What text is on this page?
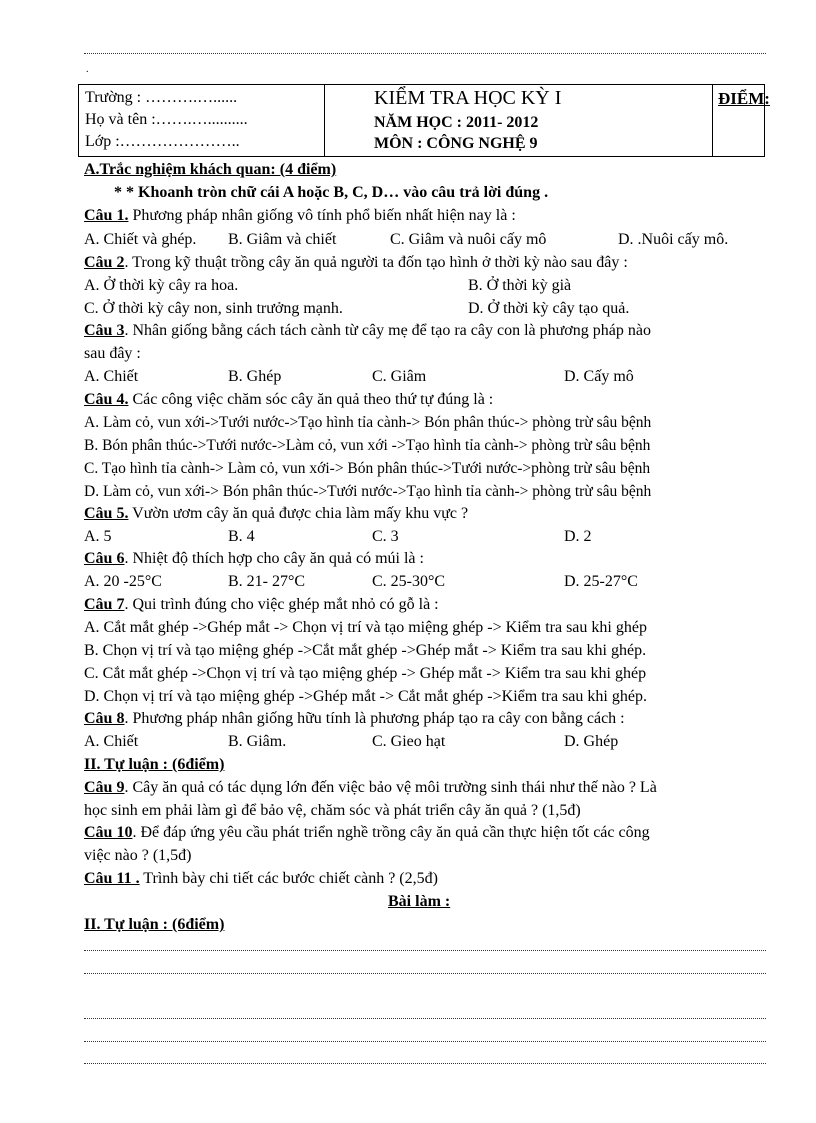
.
Trường : ……….…......
Họ và tên :…….…..........
Lớp :…………………..
KIỂM TRA HỌC KỲ I
NĂM HỌC : 2011- 2012
MÔN : CÔNG NGHỆ 9
ĐIỂM:
A.Trắc nghiệm khách quan: (4 điểm)
* * Khoanh tròn chữ cái A hoặc B, C, D… vào câu trả lời đúng .
Câu 1. Phương pháp nhân giống vô tính phổ biến nhất hiện nay là :
A. Chiết và ghép. B. Giâm và chiết	C. Giâm và nuôi cấy mô	D. .Nuôi cấy mô.
Câu 2. Trong kỹ thuật trồng cây ăn quả người ta đốn tạo hình ở thời kỳ nào sau đây :
A. Ở thời kỳ cây ra hoa.	B. Ở thời kỳ già
C. Ở thời kỳ cây non, sinh trưởng mạnh.	D. Ở thời kỳ cây tạo quả.
Câu 3. Nhân giống bằng cách tách cành từ cây mẹ để tạo ra cây con là phương pháp nào
sau đây :
A. Chiết	B. Ghép	C. Giâm	D. Cấy mô
Câu 4. Các công việc chăm sóc cây ăn quả theo thứ tự đúng là :
A. Làm cỏ, vun xới->Tưới nước->Tạo hình tỉa cành-> Bón phân thúc-> phòng trừ sâu bệnh
B. Bón phân thúc->Tưới nước->Làm cỏ, vun xới ->Tạo hình tỉa cành-> phòng trừ sâu bệnh
C. Tạo hình tỉa cành-> Làm cỏ, vun xới-> Bón phân thúc->Tưới nước->phòng trừ sâu bệnh
D. Làm cỏ, vun xới-> Bón phân thúc->Tưới nước->Tạo hình tỉa cành-> phòng trừ sâu bệnh
Câu 5. Vườn ươm cây ăn quả được chia làm mấy khu vực ?
A. 5	B. 4	C. 3	D. 2
Câu 6. Nhiệt độ thích hợp cho cây ăn quả có múi là :
A. 20 -25°C	B. 21- 27°C	C. 25-30°C	D. 25-27°C
Câu 7. Qui trình đúng cho việc ghép mắt nhỏ có gỗ là :
A. Cắt mắt ghép ->Ghép mắt -> Chọn vị trí và tạo miệng ghép -> Kiểm tra sau khi ghép
B. Chọn vị trí và tạo miệng ghép ->Cắt mắt ghép ->Ghép mắt -> Kiểm tra sau khi ghép.
C. Cắt mắt ghép ->Chọn vị trí và tạo miệng ghép -> Ghép mắt -> Kiểm tra sau khi ghép
D. Chọn vị trí và tạo miệng ghép ->Ghép mắt -> Cắt mắt ghép ->Kiểm tra sau khi ghép.
Câu 8. Phương pháp nhân giống hữu tính là phương pháp tạo ra cây con bằng cách :
A. Chiết	B. Giâm.	C. Gieo hạt	D. Ghép
II. Tự luận : (6điểm)
Câu 9. Cây ăn quả có tác dụng lớn đến việc bảo vệ môi trường sinh thái như thế nào ? Là
học sinh em phải làm gì để bảo vệ, chăm sóc và phát triển cây ăn quả ? (1,5đ)
Câu 10. Để đáp ứng yêu cầu phát triển nghề trồng cây ăn quả cần thực hiện tốt các công
việc nào ? (1,5đ)
Câu 11 . Trình bày chi tiết các bước chiết cành ? (2,5đ)
Bài làm :
II. Tự luận : (6điểm)
